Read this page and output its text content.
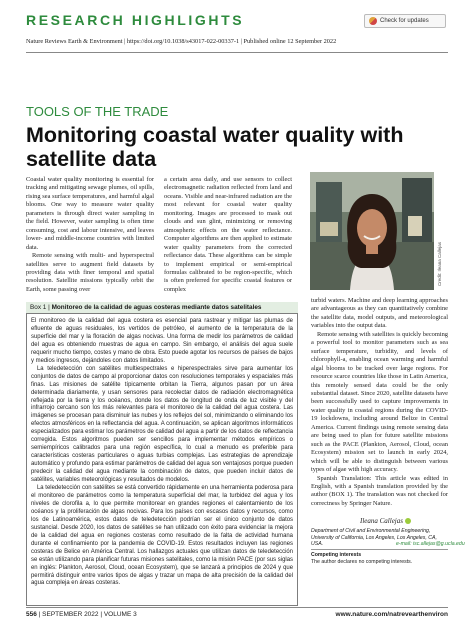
RESEARCH HIGHLIGHTS	Check for updates
Nature Reviews Earth & Environment | https://doi.org/10.1038/s43017-022-00337-1 | Published online 12 September 2022
TOOLS OF THE TRADE
Monitoring coastal water quality with satellite data

Coastal water quality monitoring is essential for tracking and mitigating sewage plumes, oil spills, rising sea surface temperatures, and harmful algal blooms. One way to measure water quality parameters is through direct water sampling in the field. However, water sampling is often time consuming, cost and labour intensive, and leaves lower- and middle-income countries with limited data.

Remote sensing with multi- and hyperspectral satellites serve to augment field datasets by providing data with finer temporal and spatial resolution. Satellite missions typically orbit the Earth, some passing over

a certain area daily, and use sensors to collect electromagnetic radiation reflected from land and oceans. Visible and near-infrared radiation are the most relevant for coastal water quality monitoring. Images are processed to mask out clouds and sun glint, minimizing or removing atmospheric effects on the water reflectance. Computer algorithms are then applied to estimate water quality parameters from the corrected reflectance data. These algorithms can be simple to implement empirical or semi-empirical formulas calibrated to be region-specific, which is often preferred for specific coastal features or complex

Credit: Ileana Callejas

turbid waters. Machine and deep learning approaches are advantageous as they can quantitatively combine the satellite data, model outputs, and meteorological variables into the output data.

Remote sensing with satellites is quickly becoming a powerful tool to monitor parameters such as sea surface temperature, turbidity, and levels of chlorophyll-a, enabling ocean warming and harmful algal blooms to be tracked over large regions. For resource scarce countries like those in Latin America, this remotely sensed data could be the only substantial dataset. Since 2020, satellite datasets have been successfully used to capture improvements in water quality in coastal regions during the COVID-19 lockdowns, including around Belize in Central America. Current findings using remote sensing data are being used to plan for future satellite missions such as the PACE (Plankton, Aerosol, Cloud, ocean Ecosystem) mission set to launch in early 2024, which will be able to distinguish between various types of algae with high accuracy.

Spanish Translation: This article was edited in English, with a Spanish translation provided by the author (BOX 1). The translation was not checked for correctness by Springer Nature.

Box 1 | Monitoreo de la calidad de aguas costeras mediante datos satelitales

El monitoreo de la calidad del agua costera es esencial para rastrear y mitigar las plumas de efluente de aguas residuales, los vertidos de petróleo, el aumento de la temperatura de la superficie del mar y la floración de algas nocivas. Una forma de medir los parámetros de calidad del agua es obteniendo muestras de agua en campo. Sin embargo, el análisis del agua suele requerir mucho tiempo, costes y mano de obra. Esto puede agotar los recursos de países de bajos y medios ingresos, dejándoles con datos limitados.

La teledetección con satélites multiespectrales e hiperespectrales sirve para aumentar los conjuntos de datos de campo al proporcionar datos con resoluciones temporales y espaciales más finas. Las misiones de satélite típicamente orbitan la Tierra, algunos pasan por un área determinada diariamente, y usan sensores para recolectar datos de radiación electromagnética reflejada por la tierra y los océanos, donde los datos de longitud de onda de luz visible y del infrarrojo cercano son los más relevantes para el monitoreo de la calidad del agua costera. Las imágenes se procesan para disminuir las nubes y los reflejos del sol, minimizando o eliminando los efectos atmosféricos en la reflectancia del agua. A continuación, se aplican algoritmos informáticos especializados para estimar los parámetros de calidad del agua a partir de los datos de reflectancia corregida. Estos algoritmos pueden ser sencillos para implementar métodos empíricos o semiempíricos calibrados para una región específica, lo cual a menudo es preferible para características costeras particulares o aguas turbias complejas. Las estrategias de aprendizaje automático y profundo para estimar parámetros de calidad del agua son ventajosos porque pueden predecir la calidad del agua mediante la combinación de datos, que pueden incluir datos de satélites, variables meteorológicas y resultados de modelos.

La teledetección con satélites se está convertido rápidamente en una herramienta poderosa para el monitoreo de parámetros como la temperatura superficial del mar, la turbidez del agua y los niveles de clorofila a, lo que permite monitorear en grandes regiones el calentamiento de los océanos y la proliferación de algas nocivas. Para los países con escasos datos y recursos, como los de Latinoamérica, estos datos de teledetección podrían ser el único conjunto de datos sustancial. Desde 2020, los datos de satélites se han utilizado con éxito para evidenciar la mejora de la calidad del agua en regiones costeras como resultado de la falta de actividad humana durante el confinamiento por la pandemia de COVID-19. Estos resultados incluyen las regiones costeras de Belice en América Central. Los hallazgos actuales que utilizan datos de teledetección se están utilizando para planificar futuras misiones satelitales, como la misión PACE (por sus siglas en inglés: Plankton, Aerosol, Cloud, ocean Ecosystem), que se lanzará a principios de 2024 y que permitirá distinguir entre varios tipos de algas y trazar un mapa de alta precisión de la calidad del agua compleja en áreas costeras.

Ileana Callejas
Department of Civil and Environmental Engineering, University of California, Los Angeles, Los Angeles, CA, USA.	e-mail: isc.allejas@g.ucla.edu
Competing interests
The author declares no competing interests.
556 | SEPTEMBER 2022 | VOLUME 3	www.nature.com/natrevearthenviron
